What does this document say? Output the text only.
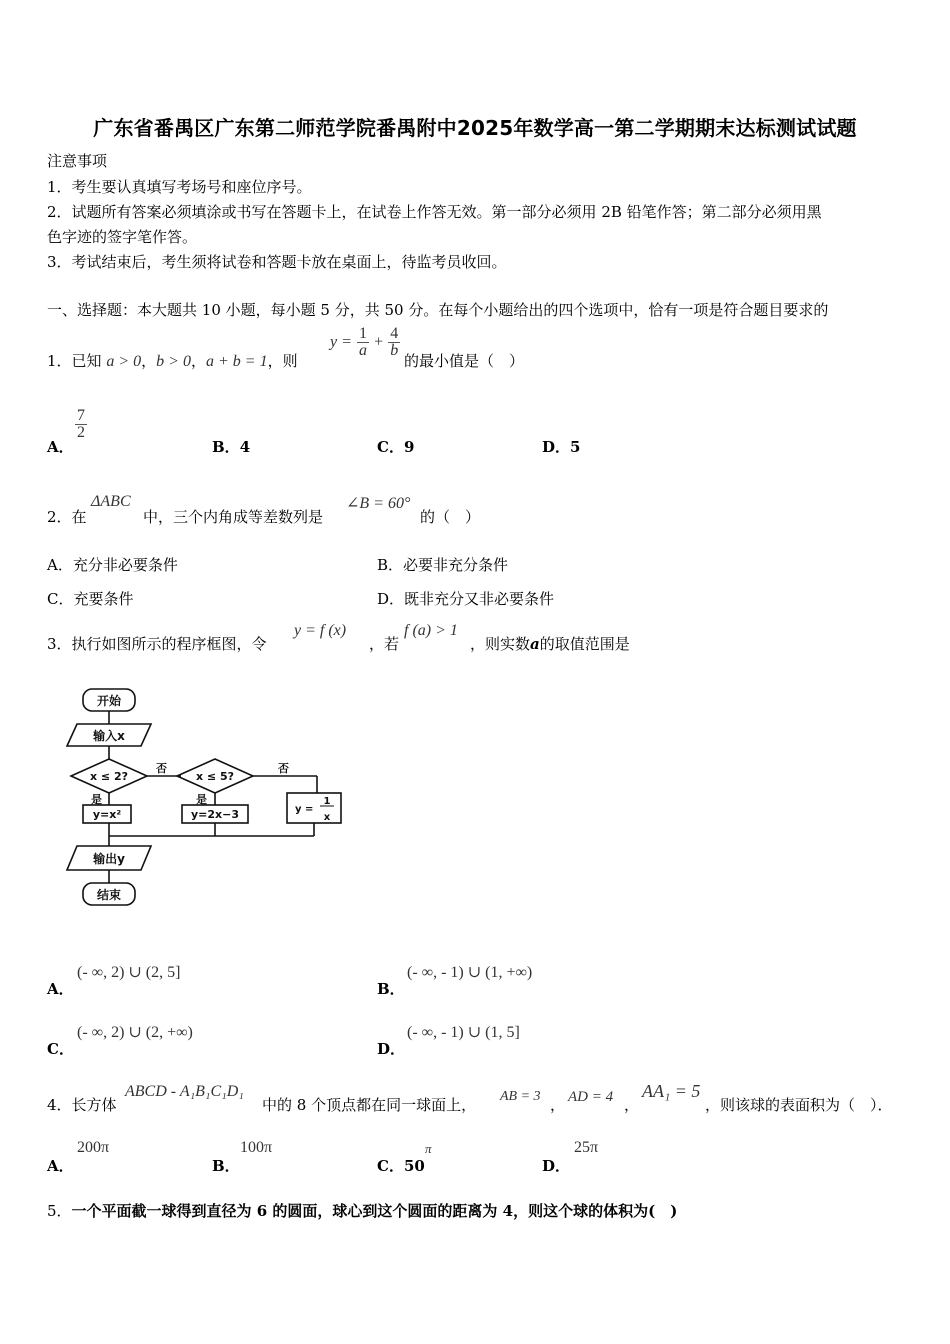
广东省番禺区广东第二师范学院番禺附中2025年数学高一第二学期期末达标测试试题
注意事项
1．考生要认真填写考场号和座位序号。
2．试题所有答案必须填涂或书写在答题卡上，在试卷上作答无效。第一部分必须用 2B 铅笔作答；第二部分必须用黑
色字迹的签字笔作答。
3．考试结束后，考生须将试卷和答题卡放在桌面上，待监考员收回。
一、选择题：本大题共 10 小题，每小题 5 分，共 50 分。在每个小题给出的四个选项中，恰有一项是符合题目要求的
1．已知 a > 0，b > 0，a + b = 1，则
$y = \frac{1}{a} + \frac{4}{b}$
的最小值是（　）
A．
$\frac{7}{2}$
B．4	C．9	D．5
2．在
ΔABC
中，三个内角成等差数列是
∠B = 60°
的（　）
A．充分非必要条件	B．必要非充分条件
C．充要条件	D．既非充分又非必要条件
3．执行如图所示的程序框图，令
y = f (x)
，若
f (a) > 1
，则实数a的取值范围是
开始
输入x
x ≤ 2?	x ≤ 5?
否	否
是	是
y=x²	y=2x−3	y =
1
x
输出y
结束
A．
(- ∞, 2) ∪ (2, 5]
B．
(- ∞, - 1) ∪ (1, +∞)
C．
(- ∞, 2) ∪ (2, +∞)
D．
(- ∞, - 1) ∪ (1, 5]
4．长方体
ABCD - A₁B₁C₁D₁
中的 8 个顶点都在同一球面上， AB = 3 ， AD = 4 ，
AA₁ = 5
，则该球的表面积为（　）．
A．
200π
B．
100π
C．50
π
D．
25π
5．一个平面截一球得到直径为 6 的圆面，球心到这个圆面的距离为 4，则这个球的体积为(　)
